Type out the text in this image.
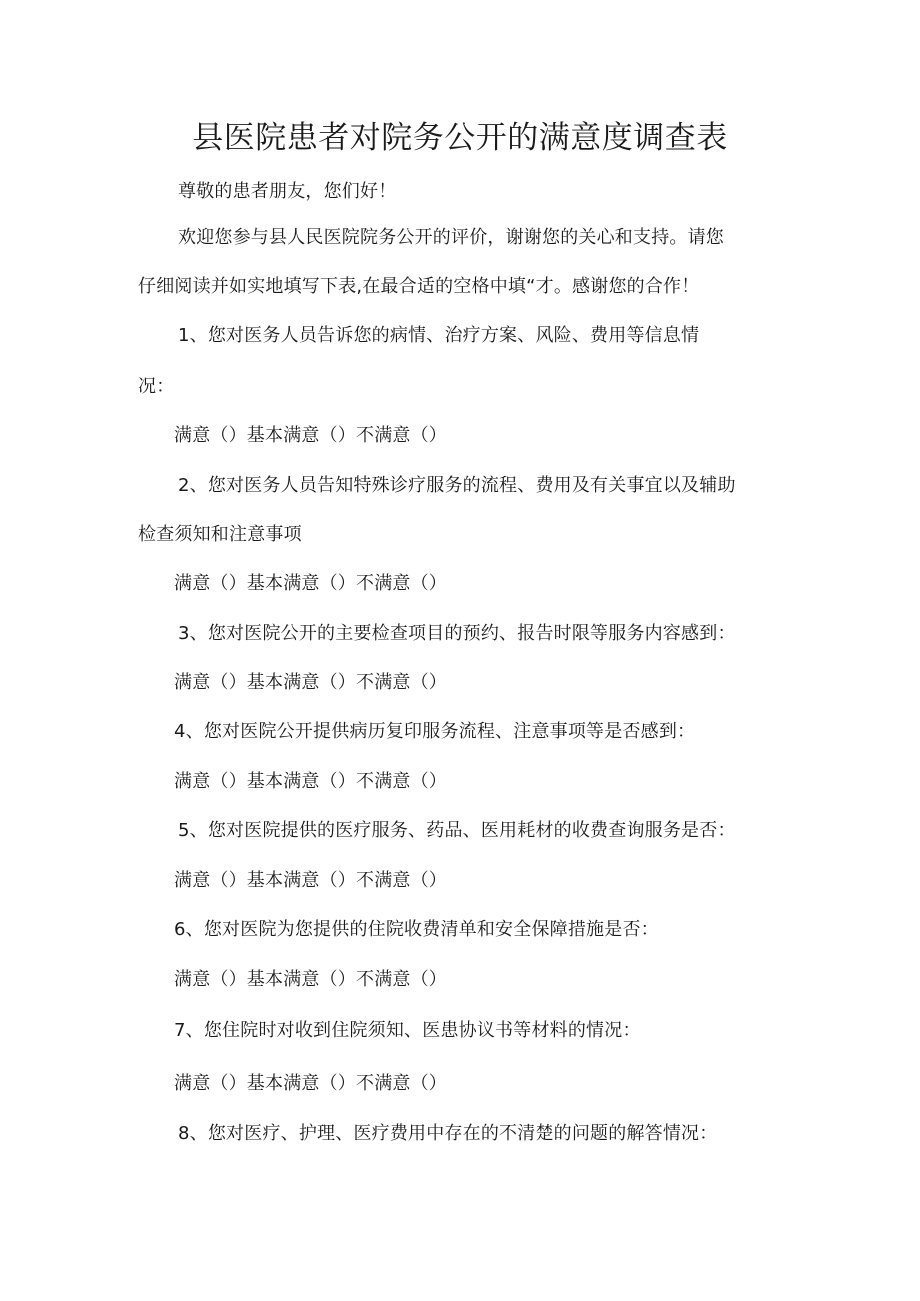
县医院患者对院务公开的满意度调查表
尊敬的患者朋友，您们好！
欢迎您参与县人民医院院务公开的评价，谢谢您的关心和支持。请您
仔细阅读并如实地填写下表,在最合适的空格中填“才。感谢您的合作！
1、您对医务人员告诉您的病情、治疗方案、风险、费用等信息情
况：
满意（）基本满意（）不满意（）
2、您对医务人员告知特殊诊疗服务的流程、费用及有关事宜以及辅助
检查须知和注意事项
满意（）基本满意（）不满意（）
3、您对医院公开的主要检查项目的预约、报告时限等服务内容感到：
满意（）基本满意（）不满意（）
4、您对医院公开提供病历复印服务流程、注意事项等是否感到：
满意（）基本满意（）不满意（）
5、您对医院提供的医疗服务、药品、医用耗材的收费查询服务是否：
满意（）基本满意（）不满意（）
6、您对医院为您提供的住院收费清单和安全保障措施是否：
满意（）基本满意（）不满意（）
7、您住院时对收到住院须知、医患协议书等材料的情况：
满意（）基本满意（）不满意（）
8、您对医疗、护理、医疗费用中存在的不清楚的问题的解答情况：
